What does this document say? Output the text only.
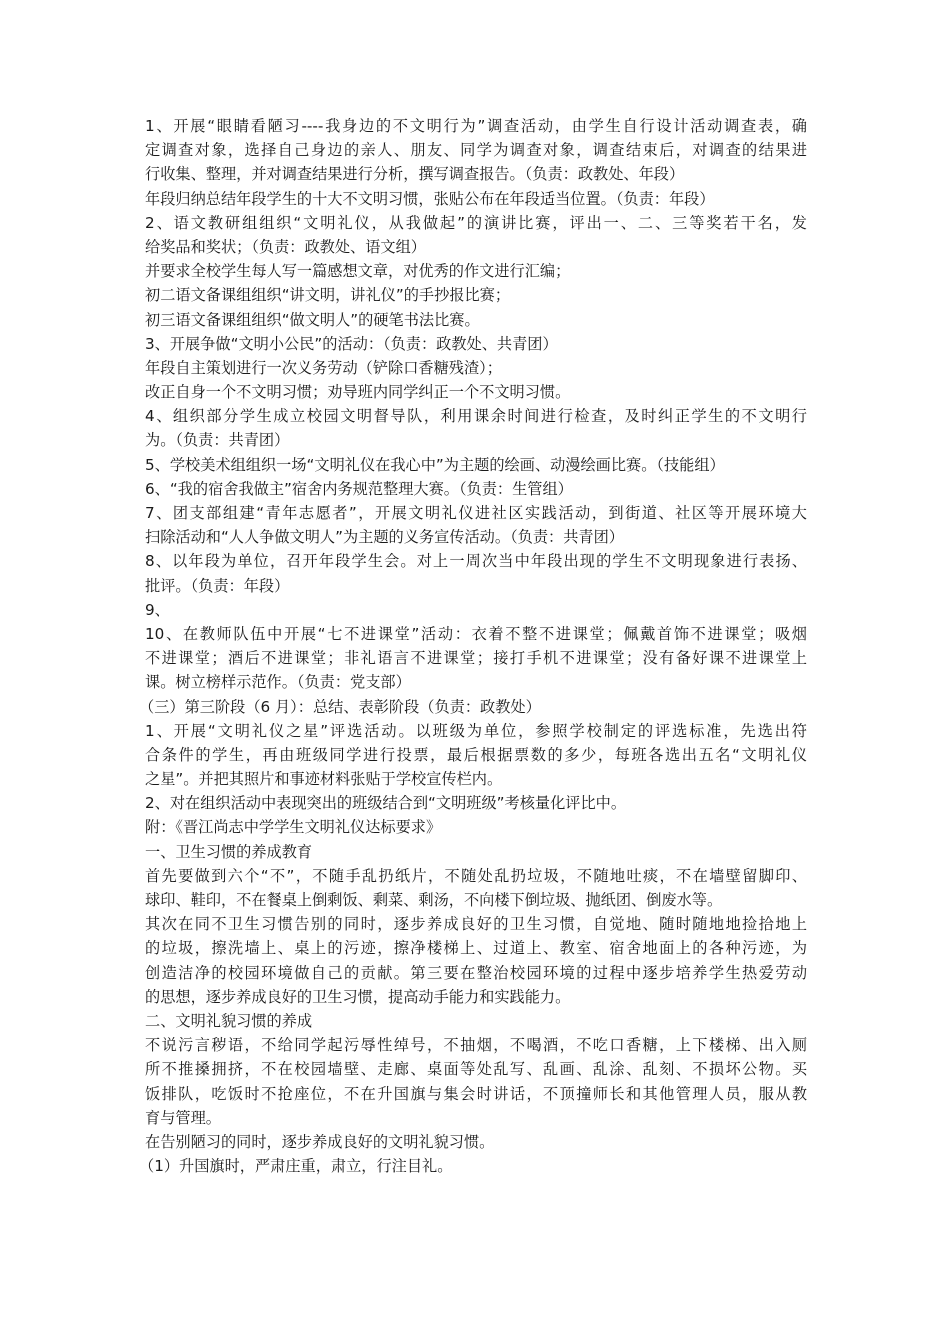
1、开展“眼睛看陋习----我身边的不文明行为”调查活动，由学生自行设计活动调查表，确
定调查对象，选择自己身边的亲人、朋友、同学为调查对象，调查结束后，对调查的结果进
行收集、整理，并对调查结果进行分析，撰写调查报告。（负责：政教处、年段）
年段归纳总结年段学生的十大不文明习惯，张贴公布在年段适当位置。（负责：年段）
2、语文教研组组织“文明礼仪，从我做起”的演讲比赛，评出一、二、三等奖若干名，发
给奖品和奖状；（负责：政教处、语文组）
并要求全校学生每人写一篇感想文章，对优秀的作文进行汇编；
初二语文备课组组织“讲文明，讲礼仪”的手抄报比赛；
初三语文备课组组织“做文明人”的硬笔书法比赛。
3、开展争做“文明小公民”的活动：（负责：政教处、共青团）
年段自主策划进行一次义务劳动（铲除口香糖残渣）；
改正自身一个不文明习惯；劝导班内同学纠正一个不文明习惯。
4、组织部分学生成立校园文明督导队，利用课余时间进行检查，及时纠正学生的不文明行
为。（负责：共青团）
5、学校美术组组织一场“文明礼仪在我心中”为主题的绘画、动漫绘画比赛。（技能组）
6、“我的宿舍我做主”宿舍内务规范整理大赛。（负责：生管组）
7、团支部组建“青年志愿者”，开展文明礼仪进社区实践活动，到街道、社区等开展环境大
扫除活动和“人人争做文明人”为主题的义务宣传活动。（负责：共青团）
8、以年段为单位，召开年段学生会。对上一周次当中年段出现的学生不文明现象进行表扬、
批评。（负责：年段）
9、
10、在教师队伍中开展“七不进课堂”活动：衣着不整不进课堂；佩戴首饰不进课堂；吸烟
不进课堂；酒后不进课堂；非礼语言不进课堂；接打手机不进课堂；没有备好课不进课堂上
课。树立榜样示范作。（负责：党支部）
（三）第三阶段（6 月）：总结、表彰阶段（负责：政教处）
1、开展“文明礼仪之星”评选活动。以班级为单位，参照学校制定的评选标准，先选出符
合条件的学生，再由班级同学进行投票，最后根据票数的多少，每班各选出五名“文明礼仪
之星”。并把其照片和事迹材料张贴于学校宣传栏内。
2、对在组织活动中表现突出的班级结合到“文明班级”考核量化评比中。
附：《晋江尚志中学学生文明礼仪达标要求》
一、卫生习惯的养成教育
首先要做到六个“不”，不随手乱扔纸片，不随处乱扔垃圾，不随地吐痰，不在墙壁留脚印、
球印、鞋印，不在餐桌上倒剩饭、剩菜、剩汤，不向楼下倒垃圾、抛纸团、倒废水等。
其次在同不卫生习惯告别的同时，逐步养成良好的卫生习惯，自觉地、随时随地地捡拾地上
的垃圾，擦洗墙上、桌上的污迹，擦净楼梯上、过道上、教室、宿舍地面上的各种污迹，为
创造洁净的校园环境做自己的贡献。第三要在整治校园环境的过程中逐步培养学生热爱劳动
的思想，逐步养成良好的卫生习惯，提高动手能力和实践能力。
二、文明礼貌习惯的养成
不说污言秽语，不给同学起污辱性绰号，不抽烟，不喝酒，不吃口香糖，上下楼梯、出入厕
所不推搡拥挤，不在校园墙壁、走廊、桌面等处乱写、乱画、乱涂、乱刻、不损坏公物。买
饭排队，吃饭时不抢座位，不在升国旗与集会时讲话，不顶撞师长和其他管理人员，服从教
育与管理。
在告别陋习的同时，逐步养成良好的文明礼貌习惯。
（1）升国旗时，严肃庄重，肃立，行注目礼。
